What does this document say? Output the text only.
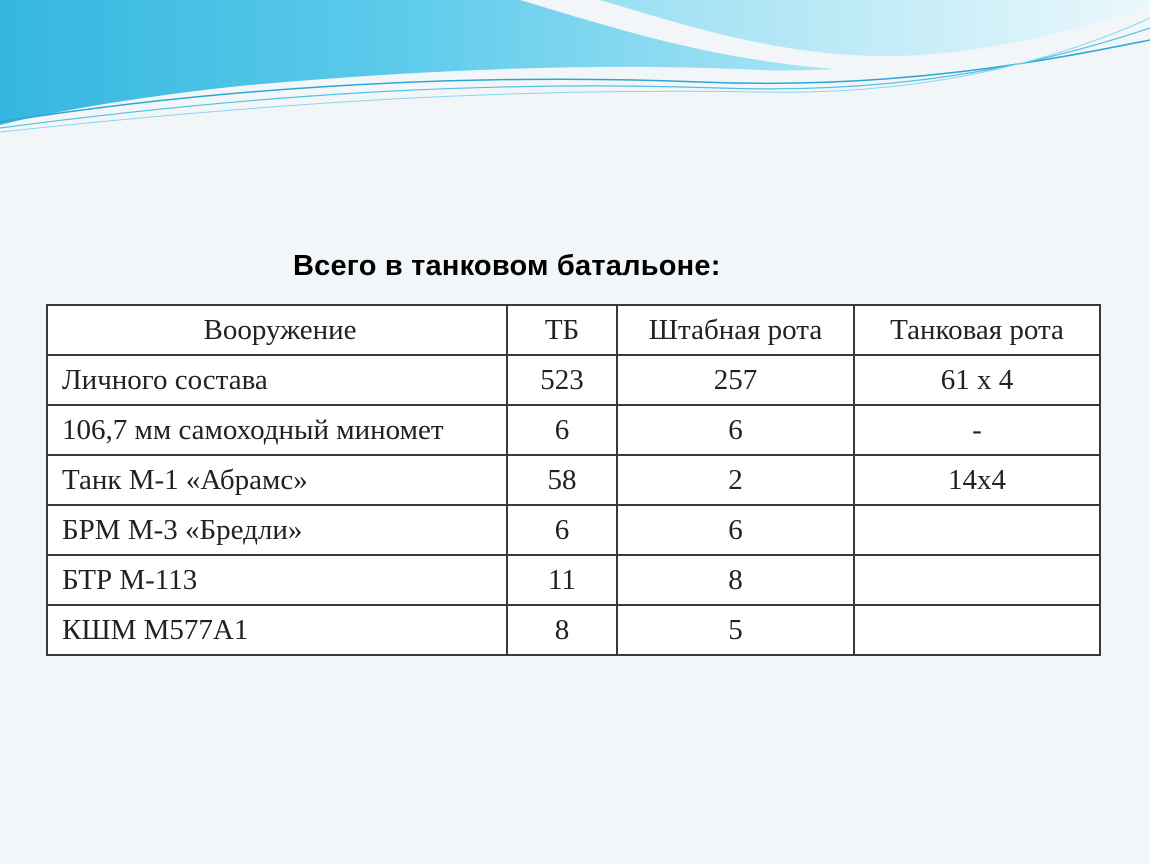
Всего в танковом батальоне:
Вооружение	ТБ	Штабная рота	Танковая рота
Личного состава	523	257	61 х 4
106,7 мм самоходный миномет	6	6	-
Танк М-1 «Абрамс»	58	2	14х4
БРМ М-3 «Бредли»	6	6	
БТР М-113	11	8	
КШМ М577А1	8	5	
